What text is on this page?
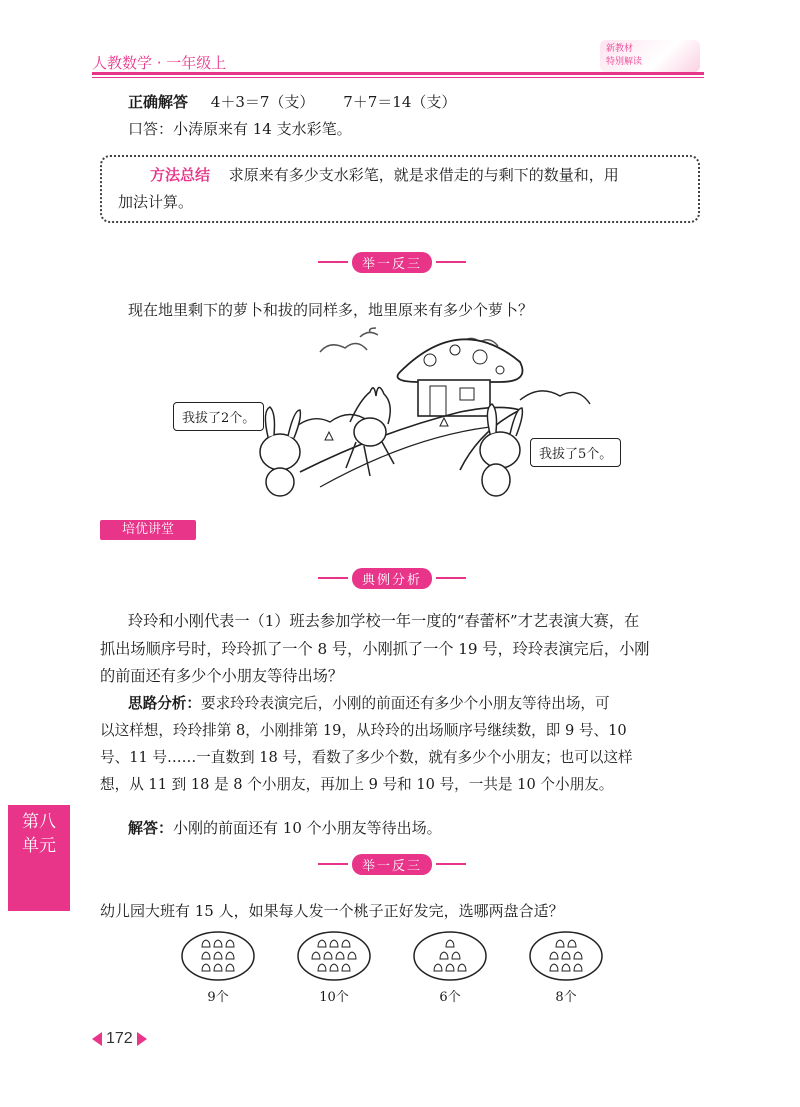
人教数学 · 一年级上
新教材
特别解读
正确解答 4＋3＝7（支） 7＋7＝14（支）
口答：小涛原来有 14 支水彩笔。
方法总结 求原来有多少支水彩笔，就是求借走的与剩下的数量和，用
加法计算。
举一反三
现在地里剩下的萝卜和拔的同样多，地里原来有多少个萝卜？
我拔了2个。
我拔了5个。
培优讲堂
典例分析
玲玲和小刚代表一（1）班去参加学校一年一度的“春蕾杯”才艺表演大赛，在
抓出场顺序号时，玲玲抓了一个 8 号，小刚抓了一个 19 号，玲玲表演完后，小刚
的前面还有多少个小朋友等待出场？
思路分析：要求玲玲表演完后，小刚的前面还有多少个小朋友等待出场，可
以这样想，玲玲排第 8，小刚排第 19，从玲玲的出场顺序号继续数，即 9 号、10
号、11 号……一直数到 18 号，看数了多少个数，就有多少个小朋友；也可以这样
想，从 11 到 18 是 8 个小朋友，再加上 9 号和 10 号，一共是 10 个小朋友。
解答：小刚的前面还有 10 个小朋友等待出场。
第八
单元
举一反三
幼儿园大班有 15 人，如果每人发一个桃子正好发完，选哪两盘合适？
9个	10个	6个	8个
172
